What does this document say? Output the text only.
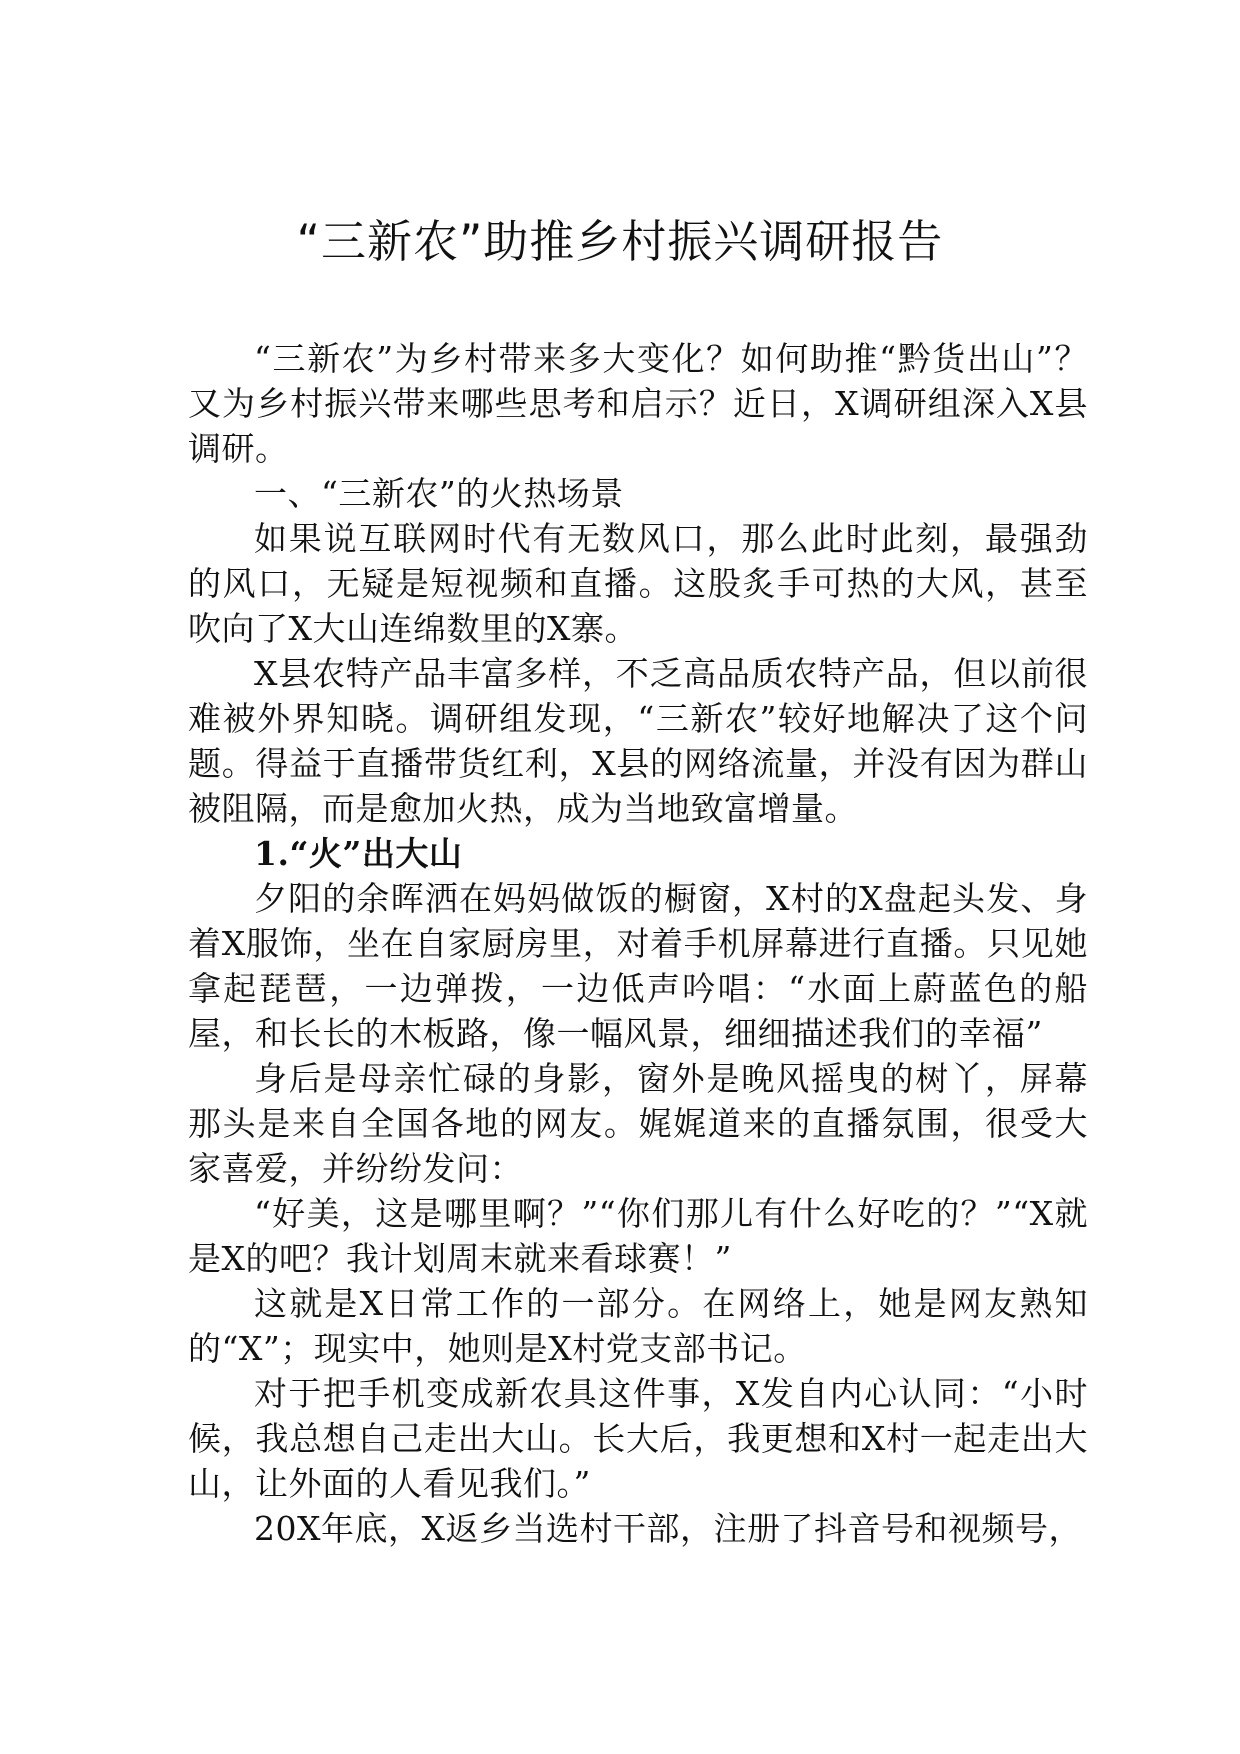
“三新农”助推乡村振兴调研报告

“三新农”为乡村带来多大变化？如何助推“黔货出山”？又为乡村振兴带来哪些思考和启示？近日，X调研组深入X县调研。

一、“三新农”的火热场景

如果说互联网时代有无数风口，那么此时此刻，最强劲的风口，无疑是短视频和直播。这股炙手可热的大风，甚至吹向了X大山连绵数里的X寨。

X县农特产品丰富多样，不乏高品质农特产品，但以前很难被外界知晓。调研组发现，“三新农”较好地解决了这个问题。得益于直播带货红利，X县的网络流量，并没有因为群山被阻隔，而是愈加火热，成为当地致富增量。

1.“火”出大山

夕阳的余晖洒在妈妈做饭的橱窗，X村的X盘起头发、身着X服饰，坐在自家厨房里，对着手机屏幕进行直播。只见她拿起琵琶，一边弹拨，一边低声吟唱：“水面上蔚蓝色的船屋，和长长的木板路，像一幅风景，细细描述我们的幸福”

身后是母亲忙碌的身影，窗外是晚风摇曳的树丫，屏幕那头是来自全国各地的网友。娓娓道来的直播氛围，很受大家喜爱，并纷纷发问：

“好美，这是哪里啊？”“你们那儿有什么好吃的？”“X就是X的吧？我计划周末就来看球赛！”

这就是X日常工作的一部分。在网络上，她是网友熟知的“X”；现实中，她则是X村党支部书记。

对于把手机变成新农具这件事，X发自内心认同：“小时候，我总想自己走出大山。长大后，我更想和X村一起走出大山，让外面的人看见我们。”

20X年底，X返乡当选村干部，注册了抖音号和视频号，
